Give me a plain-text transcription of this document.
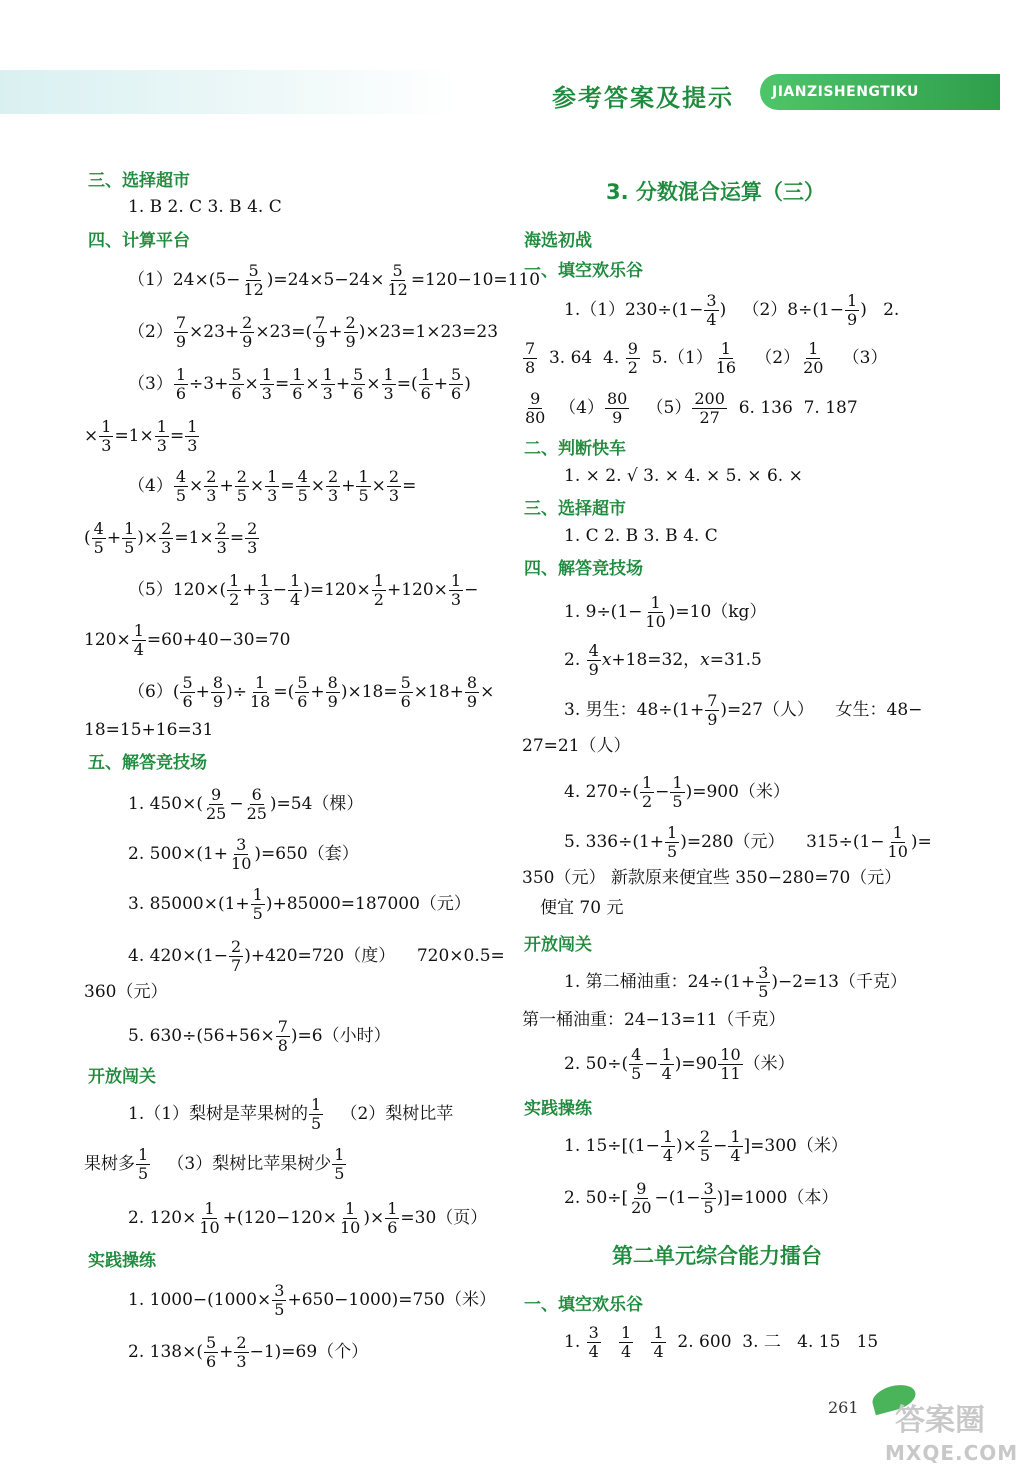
参考答案及提示	JIANZISHENGTIKU
三、选择超市
1. B 2. C 3. B 4. C
四、计算平台
$(1)24\times(5- \frac{5}{12} )=24\times 5-24\times \frac{5}{12} =120-10=110$
$(2) \frac{7}{9} \times 23+ \frac{2}{9} \times 23=( \frac{7}{9} + \frac{2}{9} )\times 23=1\times 23=23$
$(3) \frac{1}{6} \div 3+ \frac{5}{6} \times \frac{1}{3} = \frac{1}{6} \times \frac{1}{3} + \frac{5}{6} \times \frac{1}{3}$ =( $\frac{1}{6} + \frac{5}{6}$ )
× $\frac{1}{3} =1\times \frac{1}{3} = \frac{1}{3}$
$(4) \frac{4}{5} \times \frac{2}{3} + \frac{2}{5} \times \frac{1}{3} = \frac{4}{5} \times \frac{2}{3} + \frac{1}{5} \times \frac{2}{3}$ =
( $\frac{4}{5} + \frac{1}{5}$ )× $\frac{2}{3} =1\times \frac{2}{3} = \frac{2}{3}$
$(5)120\times( \frac{1}{2} + \frac{1}{3} - \frac{1}{4} )=120\times \frac{1}{2} +120\times \frac{1}{3}$ −
$120\times \frac{1}{4} =60+40-30=70$
$(6)( \frac{5}{6} + \frac{8}{9}$ )÷ $\frac{1}{18}$ =( $\frac{5}{6} + \frac{8}{9} )\times 18= \frac{5}{6} \times 18+ \frac{8}{9}$ ×
18=15+16=31
五、解答竞技场
1. $450\times( \frac{9}{25} - \frac{6}{25} )=54$（棵）
2. $500\times(1+ \frac{3}{10} )=650$（套）
3. $85000\times(1+ \frac{1}{5} )+85000=187000$（元）
4. $420\times(1- \frac{2}{7} )+420=720$（度）    720×0.5=
360（元）
5. $630\div(56+56\times \frac{7}{8} )=6$（小时）
开放闯关
1.（1）梨树是苹果树的 $\frac{1}{5} (2)$梨树比苹
果树多 $\frac{1}{5} (3)$梨树比苹果树少 $\frac{1}{5}$
2. $120\times \frac{1}{10} +(120-120\times \frac{1}{10}$ )× $\frac{1}{6} =30$（页）
实践操练
1. $1000-(1000\times \frac{3}{5} +650-1000)=750$（米）
2. $138\times( \frac{5}{6} + \frac{2}{3} -1)=69$（个）
3. 分数混合运算（三）
海选初战
一、填空欢乐谷
$1.(1)230\div(1- \frac{3}{4}$ )   $(2)8\div(1- \frac{1}{9}$ )   2.
$\frac{7}{8} 3$. 64  4. $\frac{9}{2} 5.(1) \frac{1}{16} (2) \frac{1}{20} (3)$
$\frac{9}{80} (4) \frac{80}{9} (5) \frac{200}{27} 6$. 136  7. 187
二、判断快车
1. × 2. √ 3. × 4. × 5. × 6. ×
三、选择超市
1. C 2. B 3. B 4. C
四、解答竞技场
1. $9\div(1- \frac{1}{10} )=10(kg)$
2. $\frac{4}{9} x+18=32$，x=31.5
3. 男生：$48\div(1+ \frac{7}{9} )=27$（人）    女生：48−
27=21（人）
4. $270\div( \frac{1}{2} - \frac{1}{5} )=900$（米）
5. $336\div(1+ \frac{1}{5} )=280$（元）    $315\div(1- \frac{1}{10}$ )=
350（元） 新款原来便宜些 350−280=70（元）
便宜 70 元
开放闯关
1. 第二桶油重：$24\div(1+ \frac{3}{5} )-2=13$（千克）
第一桶油重：24−13=11（千克）
2. $50\div( \frac{4}{5} - \frac{1}{4} )=90 \frac{10}{11}$ （米）
实践操练
1. $15\div[(1- \frac{1}{4}$ )× $\frac{2}{5} - \frac{1}{4} ]=300$（米）
2. $50\div[ \frac{9}{20} -(1- \frac{3}{5} )]=1000$（本）
第二单元综合能力擂台
一、填空欢乐谷
1. $\frac{3}{4}$
$\frac{1}{4}$
$\frac{1}{4} 2$. 600  3. 二   4. 15   15
261 答案圈
MXQE.COM
